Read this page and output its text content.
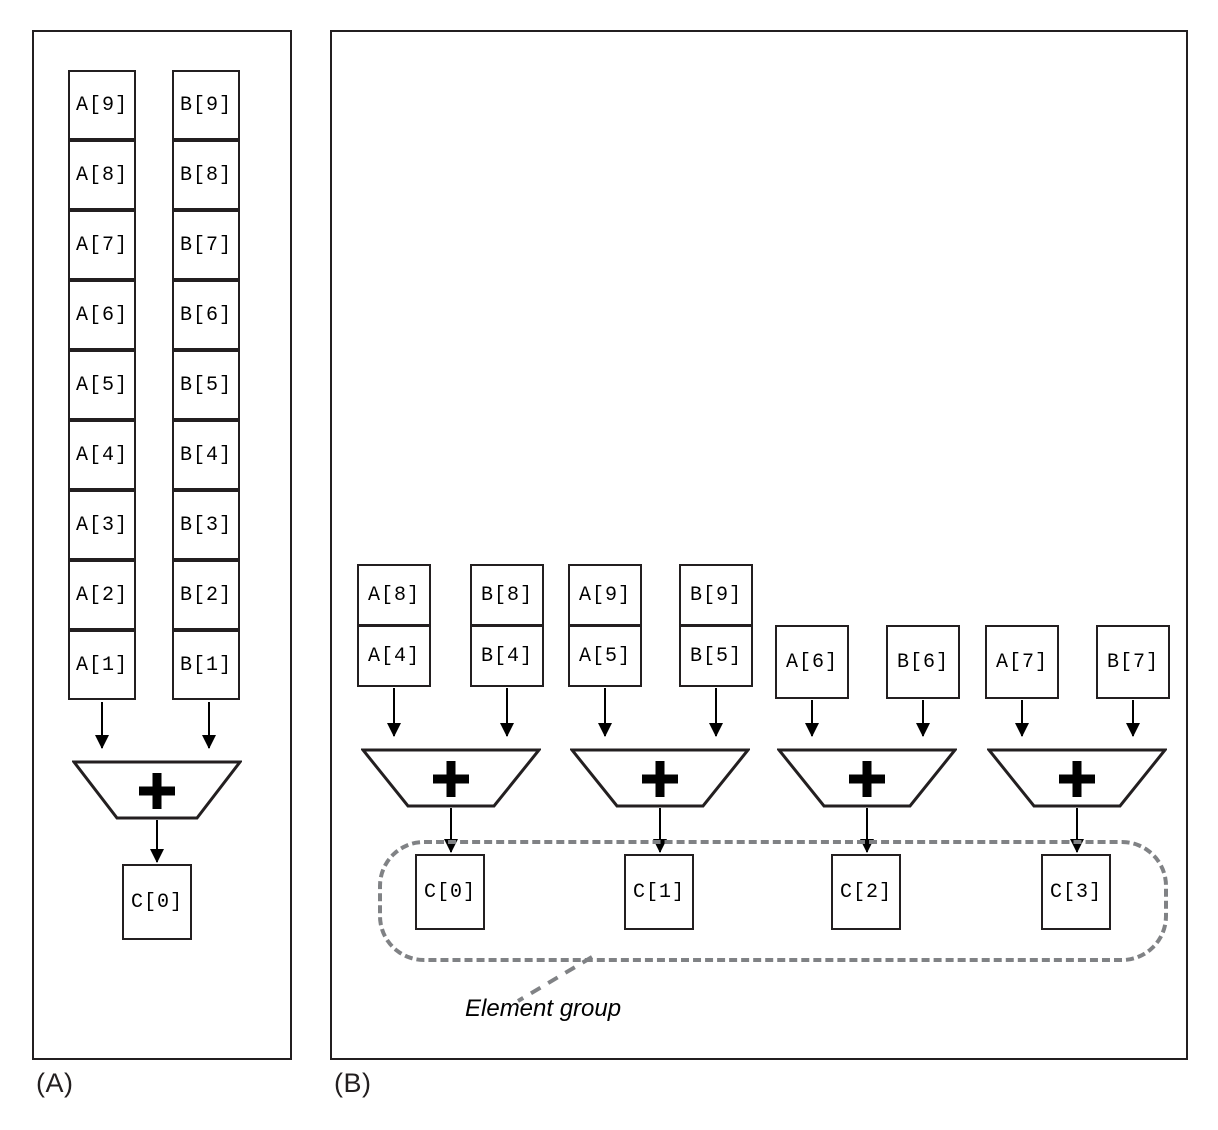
A[9]
A[8]
A[7]
A[6]
A[5]
A[4]
A[3]
A[2]
A[1]
B[9]
B[8]
B[7]
B[6]
B[5]
B[4]
B[3]
B[2]
B[1]
C[0]
(A)
A[8]
A[4]
B[8]
B[4]
C[0]
A[9]
A[5]
B[9]
B[5]
C[1]
A[6]	B[6]
C[2]
A[7]	B[7]
C[3]
Element group
(B)
